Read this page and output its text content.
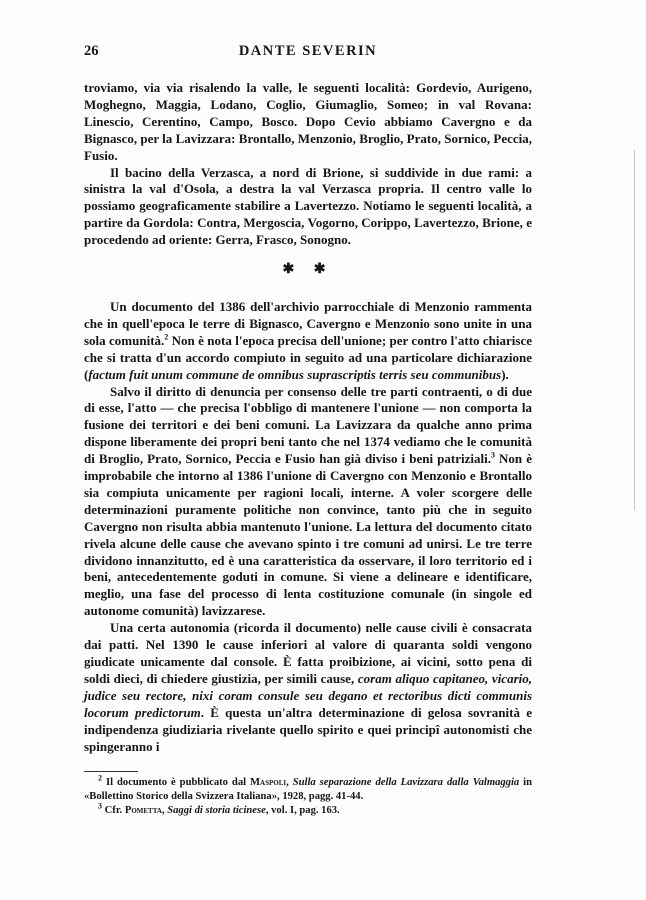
26	DANTE SEVERIN

troviamo, via via risalendo la valle, le seguenti località: Gordevio, Aurigeno, Moghegno, Maggia, Lodano, Coglio, Giumaglio, Someo; in val Rovana: Linescio, Cerentino, Campo, Bosco. Dopo Cevio abbiamo Cavergno e da Bignasco, per la Lavizzara: Brontallo, Menzonio, Broglio, Prato, Sornico, Peccia, Fusio.

Il bacino della Verzasca, a nord di Brione, si suddivide in due rami: a sinistra la val d'Osola, a destra la val Verzasca propria. Il centro valle lo possiamo geograficamente stabilire a Lavertezzo. Notiamo le seguenti località, a partire da Gordola: Contra, Mergoscia, Vogorno, Corippo, Lavertezzo, Brione, e procedendo ad oriente: Gerra, Frasco, Sonogno.

✱ ✱

Un documento del 1386 dell'archivio parrocchiale di Menzonio rammenta che in quell'epoca le terre di Bignasco, Cavergno e Menzonio sono unite in una sola comunità.$^2$ Non è nota l'epoca precisa dell'unione; per contro l'atto chiarisce che si tratta d'un accordo compiuto in seguito ad una particolare dichiarazione (factum fuit unum commune de omnibus suprascriptis terris seu communibus).

Salvo il diritto di denuncia per consenso delle tre parti contraenti, o di due di esse, l'atto — che precisa l'obbligo di mantenere l'unione — non comporta la fusione dei territori e dei beni comuni. La Lavizzara da qualche anno prima dispone liberamente dei propri beni tanto che nel 1374 vediamo che le comunità di Broglio, Prato, Sornico, Peccia e Fusio han già diviso i beni patriziali.$^3$ Non è improbabile che intorno al 1386 l'unione di Cavergno con Menzonio e Brontallo sia compiuta unicamente per ragioni locali, interne. A voler scorgere delle determinazioni puramente politiche non convince, tanto più che in seguito Cavergno non risulta abbia mantenuto l'unione. La lettura del documento citato rivela alcune delle cause che avevano spinto i tre comuni ad unirsi. Le tre terre dividono innanzitutto, ed è una caratteristica da osservare, il loro territorio ed i beni, antecedentemente goduti in comune. Si viene a delineare e identificare, meglio, una fase del processo di lenta costituzione comunale (in singole ed autonome comunità) lavizzarese.

Una certa autonomia (ricorda il documento) nelle cause civili è consacrata dai patti. Nel 1390 le cause inferiori al valore di quaranta soldi vengono giudicate unicamente dal console. È fatta proibizione, ai vicini, sotto pena di soldi dieci, di chiedere giustizia, per simili cause, coram aliquo capitaneo, vicario, judice seu rectore, nixi coram consule seu degano et rectoribus dicti communis locorum predictorum. È questa un'altra determinazione di gelosa sovranità e indipendenza giudiziaria rivelante quello spirito e quei principî autonomisti che spingeranno i

$^2$ Il documento è pubblicato dal Maspoli, Sulla separazione della Lavizzara dalla Valmaggia in «Bollettino Storico della Svizzera Italiana», 1928, pagg. 41-44.

$^3$ Cfr. Pometta, Saggi di storia ticinese, vol. I, pag. 163.
